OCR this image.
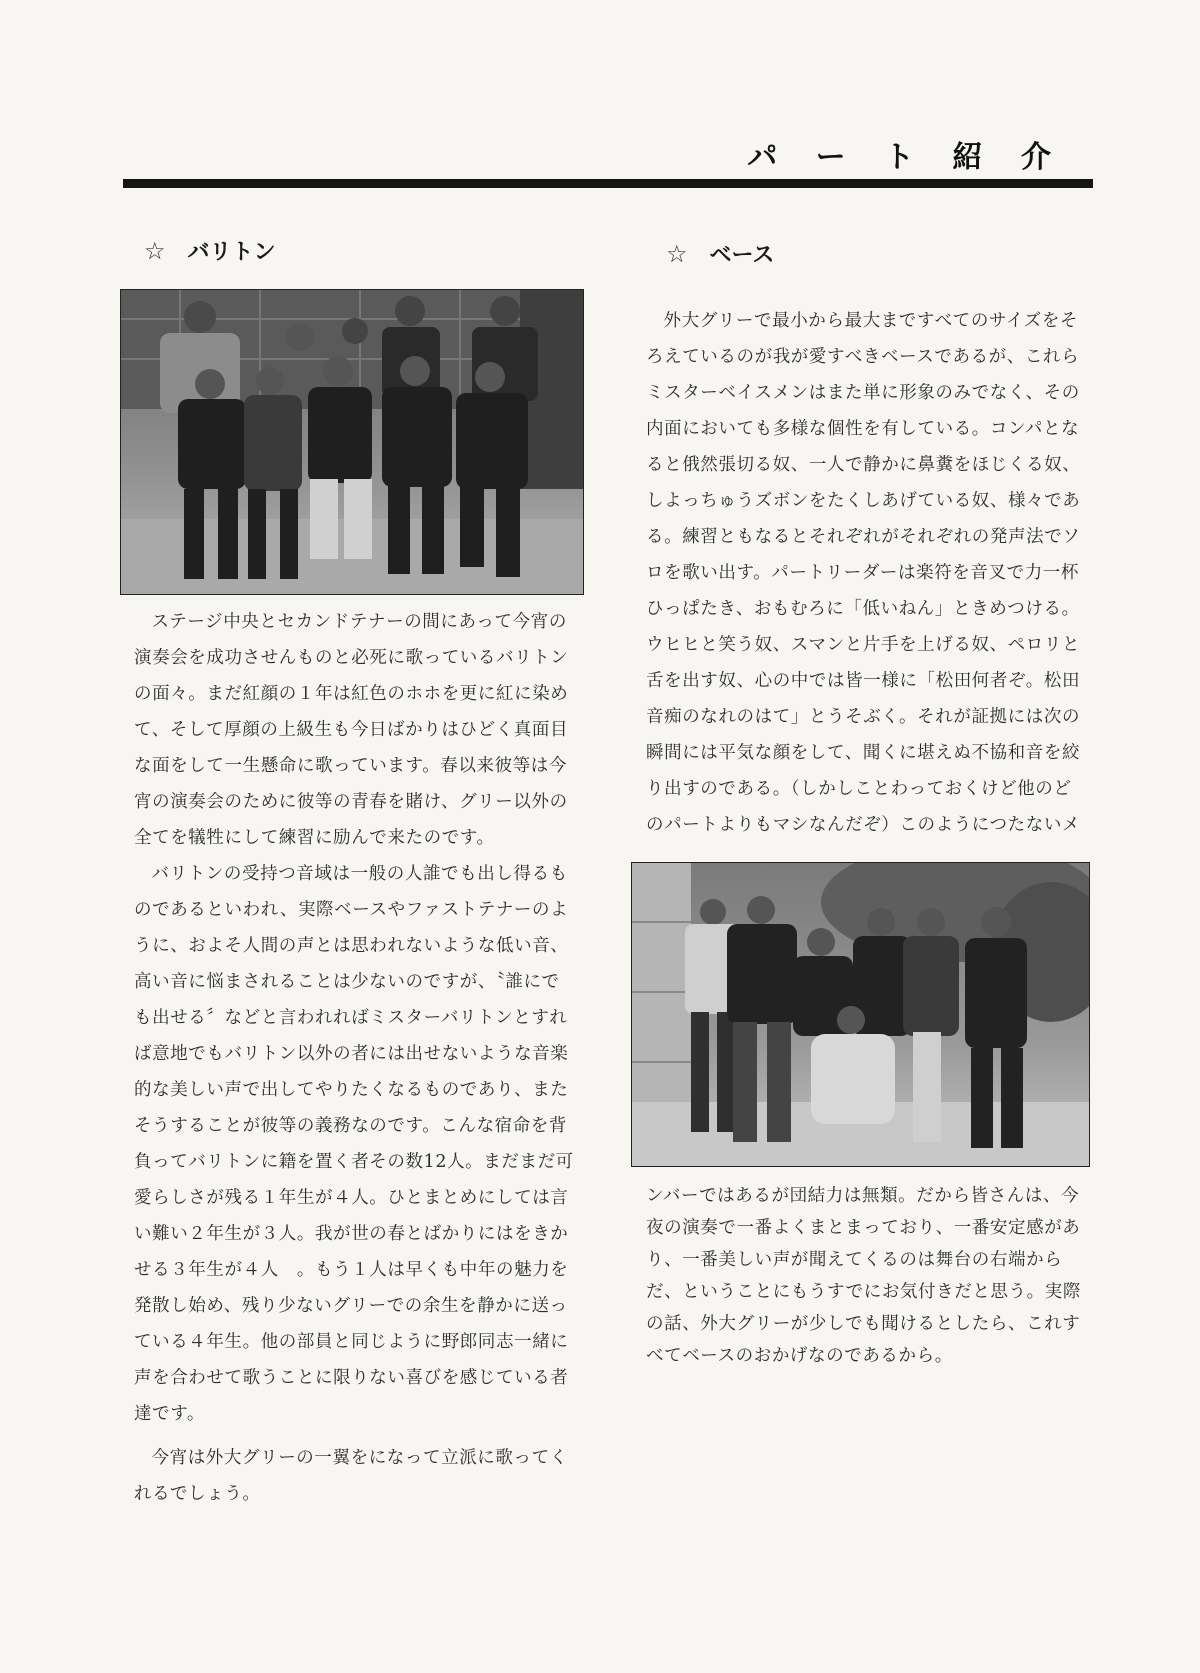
パ ー ト 紹 介
☆ バリトン

ステージ中央とセカンドテナーの間にあって今宵の演奏会を成功させんものと必死に歌っているバリトンの面々。まだ紅顔の１年は紅色のホホを更に紅に染めて、そして厚顔の上級生も今日ばかりはひどく真面目な面をして一生懸命に歌っています。春以来彼等は今宵の演奏会のために彼等の青春を賭け、グリー以外の全てを犠牲にして練習に励んで来たのです。

バリトンの受持つ音域は一般の人誰でも出し得るものであるといわれ、実際ベースやファストテナーのように、およそ人間の声とは思われないような低い音、高い音に悩まされることは少ないのですが、〝誰にでも出せる〞などと言われればミスターバリトンとすれば意地でもバリトン以外の者には出せないような音楽的な美しい声で出してやりたくなるものであり、またそうすることが彼等の義務なのです。こんな宿命を背負ってバリトンに籍を置く者その数12人。まだまだ可愛らしさが残る１年生が４人。ひとまとめにしては言い難い２年生が３人。我が世の春とばかりにはをきかせる３年生が４人　。もう１人は早くも中年の魅力を発散し始め、残り少ないグリーでの余生を静かに送っている４年生。他の部員と同じように野郎同志一緒に声を合わせて歌うことに限りない喜びを感じている者達です。

今宵は外大グリーの一翼をになって立派に歌ってくれるでしょう。

☆ ベース

外大グリーで最小から最大まですべてのサイズをそろえているのが我が愛すべきベースであるが、これらミスターベイスメンはまた単に形象のみでなく、その内面においても多様な個性を有している。コンパとなると俄然張切る奴、一人で静かに鼻糞をほじくる奴、しよっちゅうズボンをたくしあげている奴、様々である。練習ともなるとそれぞれがそれぞれの発声法でソロを歌い出す。パートリーダーは楽符を音叉で力一杯ひっぱたき、おもむろに「低いねん」ときめつける。ウヒヒと笑う奴、スマンと片手を上げる奴、ペロリと舌を出す奴、心の中では皆一様に「松田何者ぞ。松田音痴のなれのはて」とうそぶく。それが証拠には次の瞬間には平気な顔をして、聞くに堪えぬ不協和音を絞り出すのである。（しかしことわっておくけど他のどのパートよりもマシなんだぞ）このようにつたないメ

ンバーではあるが団結力は無類。だから皆さんは、今夜の演奏で一番よくまとまっており、一番安定感があり、一番美しい声が聞えてくるのは舞台の右端からだ、ということにもうすでにお気付きだと思う。実際の話、外大グリーが少しでも聞けるとしたら、これすべてベースのおかげなのであるから。
